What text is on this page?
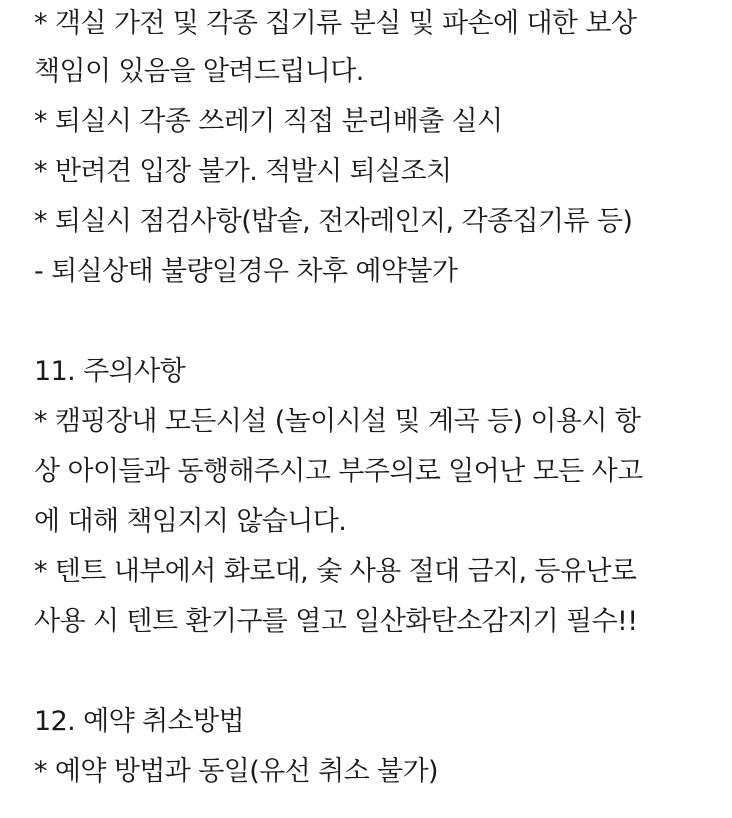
* 객실 가전 및 각종 집기류 분실 및 파손에 대한 보상
책임이 있음을 알려드립니다.
* 퇴실시 각종 쓰레기 직접 분리배출 실시
* 반려견 입장 불가. 적발시 퇴실조치
* 퇴실시 점검사항(밥솥, 전자레인지, 각종집기류 등)
- 퇴실상태 불량일경우 차후 예약불가
11. 주의사항
* 캠핑장내 모든시설 (놀이시설 및 계곡 등) 이용시 항
상 아이들과 동행해주시고 부주의로 일어난 모든 사고
에 대해 책임지지 않습니다.
* 텐트 내부에서 화로대, 숯 사용 절대 금지, 등유난로
사용 시 텐트 환기구를 열고 일산화탄소감지기 필수!!
12. 예약 취소방법
* 예약 방법과 동일(유선 취소 불가)
